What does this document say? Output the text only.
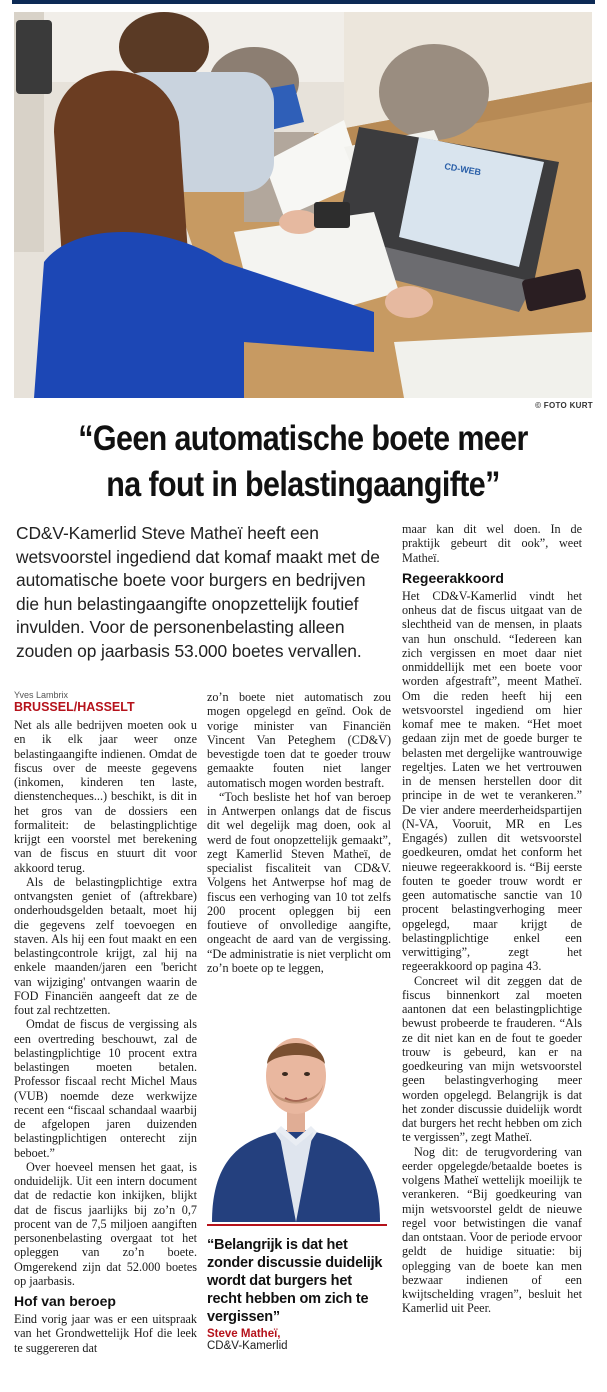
CD-WEB
© FOTO KURT
“Geen automatische boete meer
na fout in belastingaangifte”
CD&V-Kamerlid Steve Matheï heeft een wetsvoorstel ingediend dat komaf maakt met de automatische boete voor burgers en bedrijven die hun belastingaangifte onopzettelijk foutief invulden. Voor de personenbelasting alleen zouden op jaarbasis 53.000 boetes vervallen.
Yves Lambrix
BRUSSEL/HASSELT

Net als alle bedrijven moeten ook u en ik elk jaar weer onze belastingaangifte indienen. Omdat de fiscus over de meeste gegevens (inkomen, kinderen ten laste, dienstencheques...) beschikt, is dit in het gros van de dossiers een formaliteit: de belastingplichtige krijgt een voorstel met berekening van de fiscus en stuurt dit voor akkoord terug.

Als de belastingplichtige extra ontvangsten geniet of (aftrekbare) onderhoudsgelden betaalt, moet hij die gegevens zelf toevoegen en staven. Als hij een fout maakt en een belastingcontrole krijgt, zal hij na enkele maanden/jaren een 'bericht van wijziging' ontvangen waarin de FOD Financiën aangeeft dat ze de fout zal rechtzetten.

Omdat de fiscus de vergissing als een overtreding beschouwt, zal de belastingplichtige 10 procent extra belastingen moeten betalen. Professor fiscaal recht Michel Maus (VUB) noemde deze werkwijze recent een “fiscaal schandaal waarbij de afgelopen jaren duizenden belastingplichtigen onterecht zijn beboet.”

Over hoeveel mensen het gaat, is onduidelijk. Uit een intern document dat de redactie kon inkijken, blijkt dat de fiscus jaarlijks bij zo’n 0,7 procent van de 7,5 miljoen aangiften personenbelasting overgaat tot het opleggen van zo’n boete. Omgerekend zijn dat 52.000 boetes op jaarbasis.

Hof van beroep

Eind vorig jaar was er een uitspraak van het Grondwettelijk Hof die leek te suggereren dat

zo’n boete niet automatisch zou mogen opgelegd en geïnd. Ook de vorige minister van Financiën Vincent Van Peteghem (CD&V) bevestigde toen dat te goeder trouw gemaakte fouten niet langer automatisch mogen worden bestraft.

“Toch besliste het hof van beroep in Antwerpen onlangs dat de fiscus dit wel degelijk mag doen, ook al werd de fout onopzettelijk gemaakt”, zegt Kamerlid Steven Matheï, de specialist fiscaliteit van CD&V. Volgens het Antwerpse hof mag de fiscus een verhoging van 10 tot zelfs 200 procent opleggen bij een foutieve of onvolledige aangifte, ongeacht de aard van de vergissing. “De administratie is niet verplicht om zo’n boete op te leggen,

“Belangrijk is dat het zonder discussie duidelijk wordt dat burgers het recht hebben om zich te vergissen”
Steve Matheï,
CD&V-Kamerlid

maar kan dit wel doen. In de praktijk gebeurt dit ook”, weet Matheï.

Regeerakkoord

Het CD&V-Kamerlid vindt het onheus dat de fiscus uitgaat van de slechtheid van de mensen, in plaats van hun onschuld. “Iedereen kan zich vergissen en moet daar niet onmiddellijk met een boete voor worden afgestraft”, meent Matheï. Om die reden heeft hij een wetsvoorstel ingediend om hier komaf mee te maken. “Het moet gedaan zijn met de goede burger te belasten met dergelijke wantrouwige regeltjes. Laten we het vertrouwen in de mensen herstellen door dit principe in de wet te verankeren.” De vier andere meerderheidspartijen (N-VA, Vooruit, MR en Les Engagés) zullen dit wetsvoorstel goedkeuren, omdat het conform het nieuwe regeerakkoord is. “Bij eerste fouten te goeder trouw wordt er geen automatische sanctie van 10 procent belastingverhoging meer opgelegd, maar krijgt de belastingplichtige enkel een verwittiging”, zegt het regeerakkoord op pagina 43.

Concreet wil dit zeggen dat de fiscus binnenkort zal moeten aantonen dat een belastingplichtige bewust probeerde te frauderen. “Als ze dit niet kan en de fout te goeder trouw is gebeurd, kan er na goedkeuring van mijn wetsvoorstel geen belastingverhoging meer worden opgelegd. Belangrijk is dat het zonder discussie duidelijk wordt dat burgers het recht hebben om zich te vergissen”, zegt Matheï.

Nog dit: de terugvordering van eerder opgelegde/betaalde boetes is volgens Matheï wettelijk moeilijk te verankeren. “Bij goedkeuring van mijn wetsvoorstel geldt de nieuwe regel voor betwistingen die vanaf dan ontstaan. Voor de periode ervoor geldt de huidige situatie: bij oplegging van de boete kan men bezwaar indienen of een kwijtschelding vragen”, besluit het Kamerlid uit Peer.
